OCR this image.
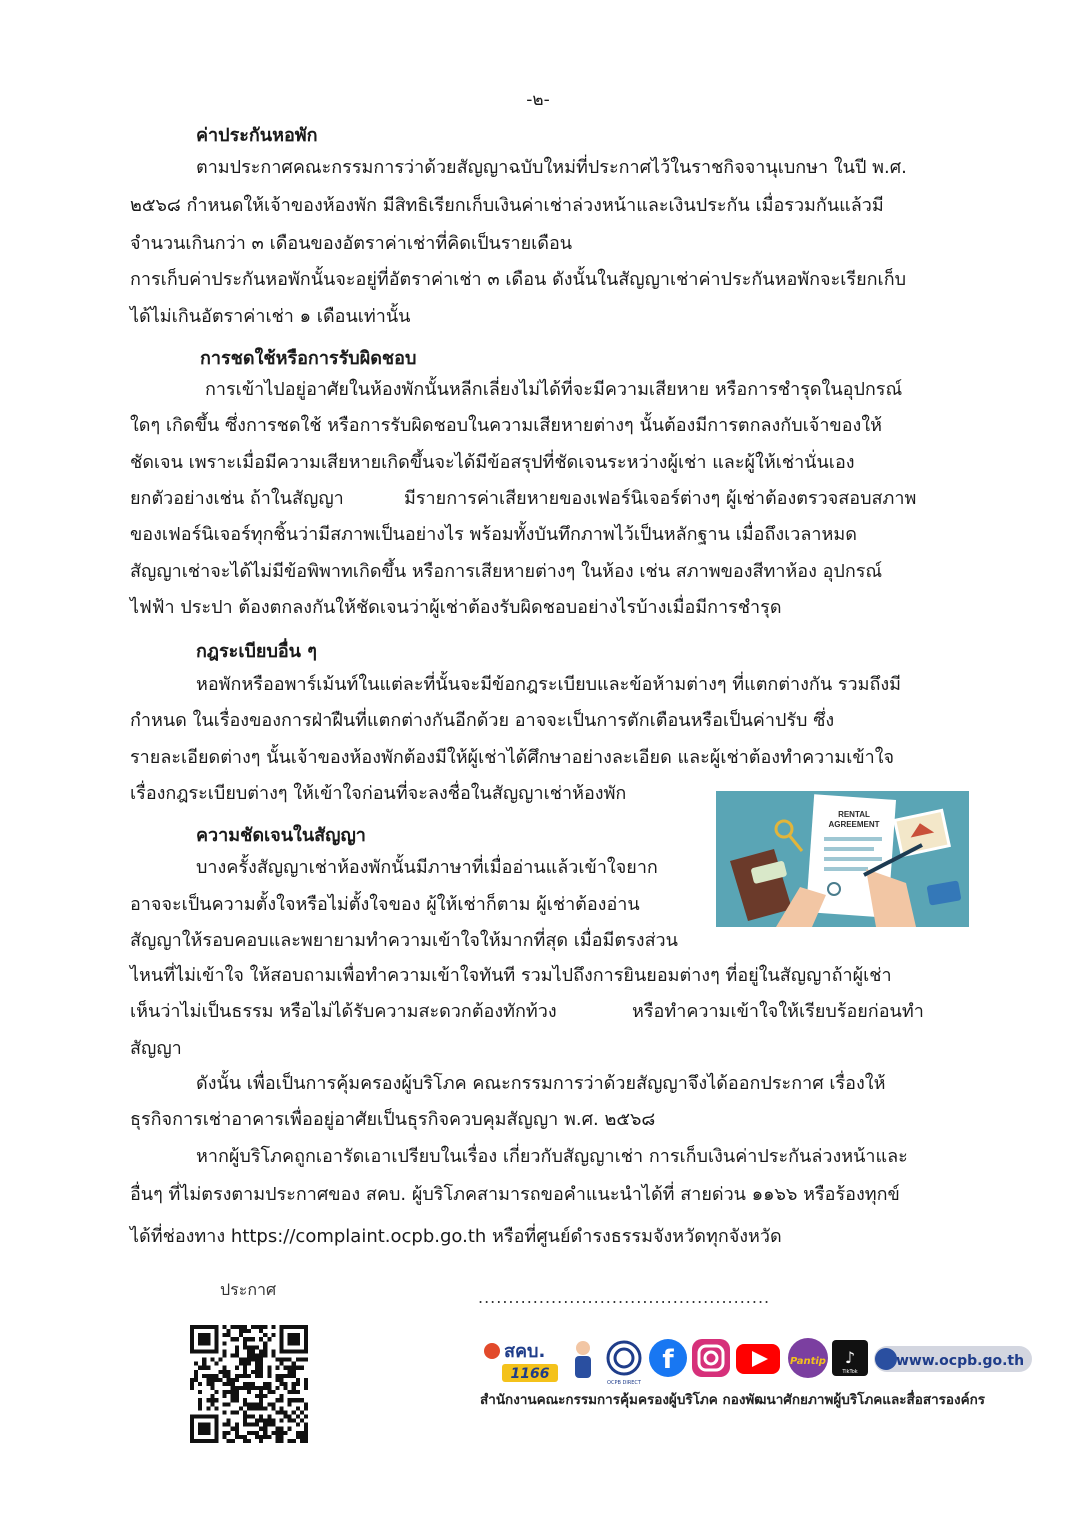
-๒-
ค่าประกันหอพัก
ตามประกาศคณะกรรมการว่าด้วยสัญญาฉบับใหม่ที่ประกาศไว้ในราชกิจจานุเบกษา ในปี พ.ศ.
๒๕๖๘ กำหนดให้เจ้าของห้องพัก มีสิทธิเรียกเก็บเงินค่าเช่าล่วงหน้าและเงินประกัน เมื่อรวมกันแล้วมี
จำนวนเกินกว่า ๓ เดือนของอัตราค่าเช่าที่คิดเป็นรายเดือน
การเก็บค่าประกันหอพักนั้นจะอยู่ที่อัตราค่าเช่า ๓ เดือน ดังนั้นในสัญญาเช่าค่าประกันหอพักจะเรียกเก็บ
ได้ไม่เกินอัตราค่าเช่า ๑ เดือนเท่านั้น
การชดใช้หรือการรับผิดชอบ
การเข้าไปอยู่อาศัยในห้องพักนั้นหลีกเลี่ยงไม่ได้ที่จะมีความเสียหาย หรือการชำรุดในอุปกรณ์
ใดๆ เกิดขึ้น ซึ่งการชดใช้ หรือการรับผิดชอบในความเสียหายต่างๆ นั้นต้องมีการตกลงกับเจ้าของให้
ชัดเจน เพราะเมื่อมีความเสียหายเกิดขึ้นจะได้มีข้อสรุปที่ชัดเจนระหว่างผู้เช่า และผู้ให้เช่านั่นเอง
ยกตัวอย่างเช่น ถ้าในสัญญา	มีรายการค่าเสียหายของเฟอร์นิเจอร์ต่างๆ ผู้เช่าต้องตรวจสอบสภาพ
ของเฟอร์นิเจอร์ทุกชิ้นว่ามีสภาพเป็นอย่างไร พร้อมทั้งบันทึกภาพไว้เป็นหลักฐาน เมื่อถึงเวลาหมด
สัญญาเช่าจะได้ไม่มีข้อพิพาทเกิดขึ้น หรือการเสียหายต่างๆ ในห้อง เช่น สภาพของสีทาห้อง อุปกรณ์
ไฟฟ้า ประปา ต้องตกลงกันให้ชัดเจนว่าผู้เช่าต้องรับผิดชอบอย่างไรบ้างเมื่อมีการชำรุด
กฎระเบียบอื่น ๆ
หอพักหรืออพาร์เม้นท์ในแต่ละที่นั้นจะมีข้อกฎระเบียบและข้อห้ามต่างๆ ที่แตกต่างกัน รวมถึงมี
กำหนด ในเรื่องของการฝ่าฝืนที่แตกต่างกันอีกด้วย อาจจะเป็นการตักเตือนหรือเป็นค่าปรับ ซึ่ง
รายละเอียดต่างๆ นั้นเจ้าของห้องพักต้องมีให้ผู้เช่าได้ศึกษาอย่างละเอียด และผู้เช่าต้องทำความเข้าใจ
เรื่องกฎระเบียบต่างๆ ให้เข้าใจก่อนที่จะลงชื่อในสัญญาเช่าห้องพัก
RENTAL
AGREEMENT
ความชัดเจนในสัญญา
บางครั้งสัญญาเช่าห้องพักนั้นมีภาษาที่เมื่ออ่านแล้วเข้าใจยาก
อาจจะเป็นความตั้งใจหรือไม่ตั้งใจของ ผู้ให้เช่าก็ตาม ผู้เช่าต้องอ่าน
สัญญาให้รอบคอบและพยายามทำความเข้าใจให้มากที่สุด เมื่อมีตรงส่วน
ไหนที่ไม่เข้าใจ ให้สอบถามเพื่อทำความเข้าใจทันที รวมไปถึงการยินยอมต่างๆ ที่อยู่ในสัญญาถ้าผู้เช่า
เห็นว่าไม่เป็นธรรม หรือไม่ได้รับความสะดวกต้องทักท้วง	หรือทำความเข้าใจให้เรียบร้อยก่อนทำ
สัญญา
ดังนั้น เพื่อเป็นการคุ้มครองผู้บริโภค คณะกรรมการว่าด้วยสัญญาจึงได้ออกประกาศ เรื่องให้
ธุรกิจการเช่าอาคารเพื่ออยู่อาศัยเป็นธุรกิจควบคุมสัญญา พ.ศ. ๒๕๖๘
หากผู้บริโภคถูกเอารัดเอาเปรียบในเรื่อง เกี่ยวกับสัญญาเช่า การเก็บเงินค่าประกันล่วงหน้าและ
อื่นๆ ที่ไม่ตรงตามประกาศของ สคบ. ผู้บริโภคสามารถขอคำแนะนำได้ที่ สายด่วน ๑๑๖๖ หรือร้องทุกข์
ได้ที่ช่องทาง https://complaint.ocpb.go.th หรือที่ศูนย์ดำรงธรรมจังหวัดทุกจังหวัด
ประกาศ	................................................
สคบ.
1166
OCPB DIRECT
f	Pantip ♪
TikTok
www.ocpb.go.th
สำนักงานคณะกรรมการคุ้มครองผู้บริโภค กองพัฒนาศักยภาพผู้บริโภคและสื่อสารองค์กร
